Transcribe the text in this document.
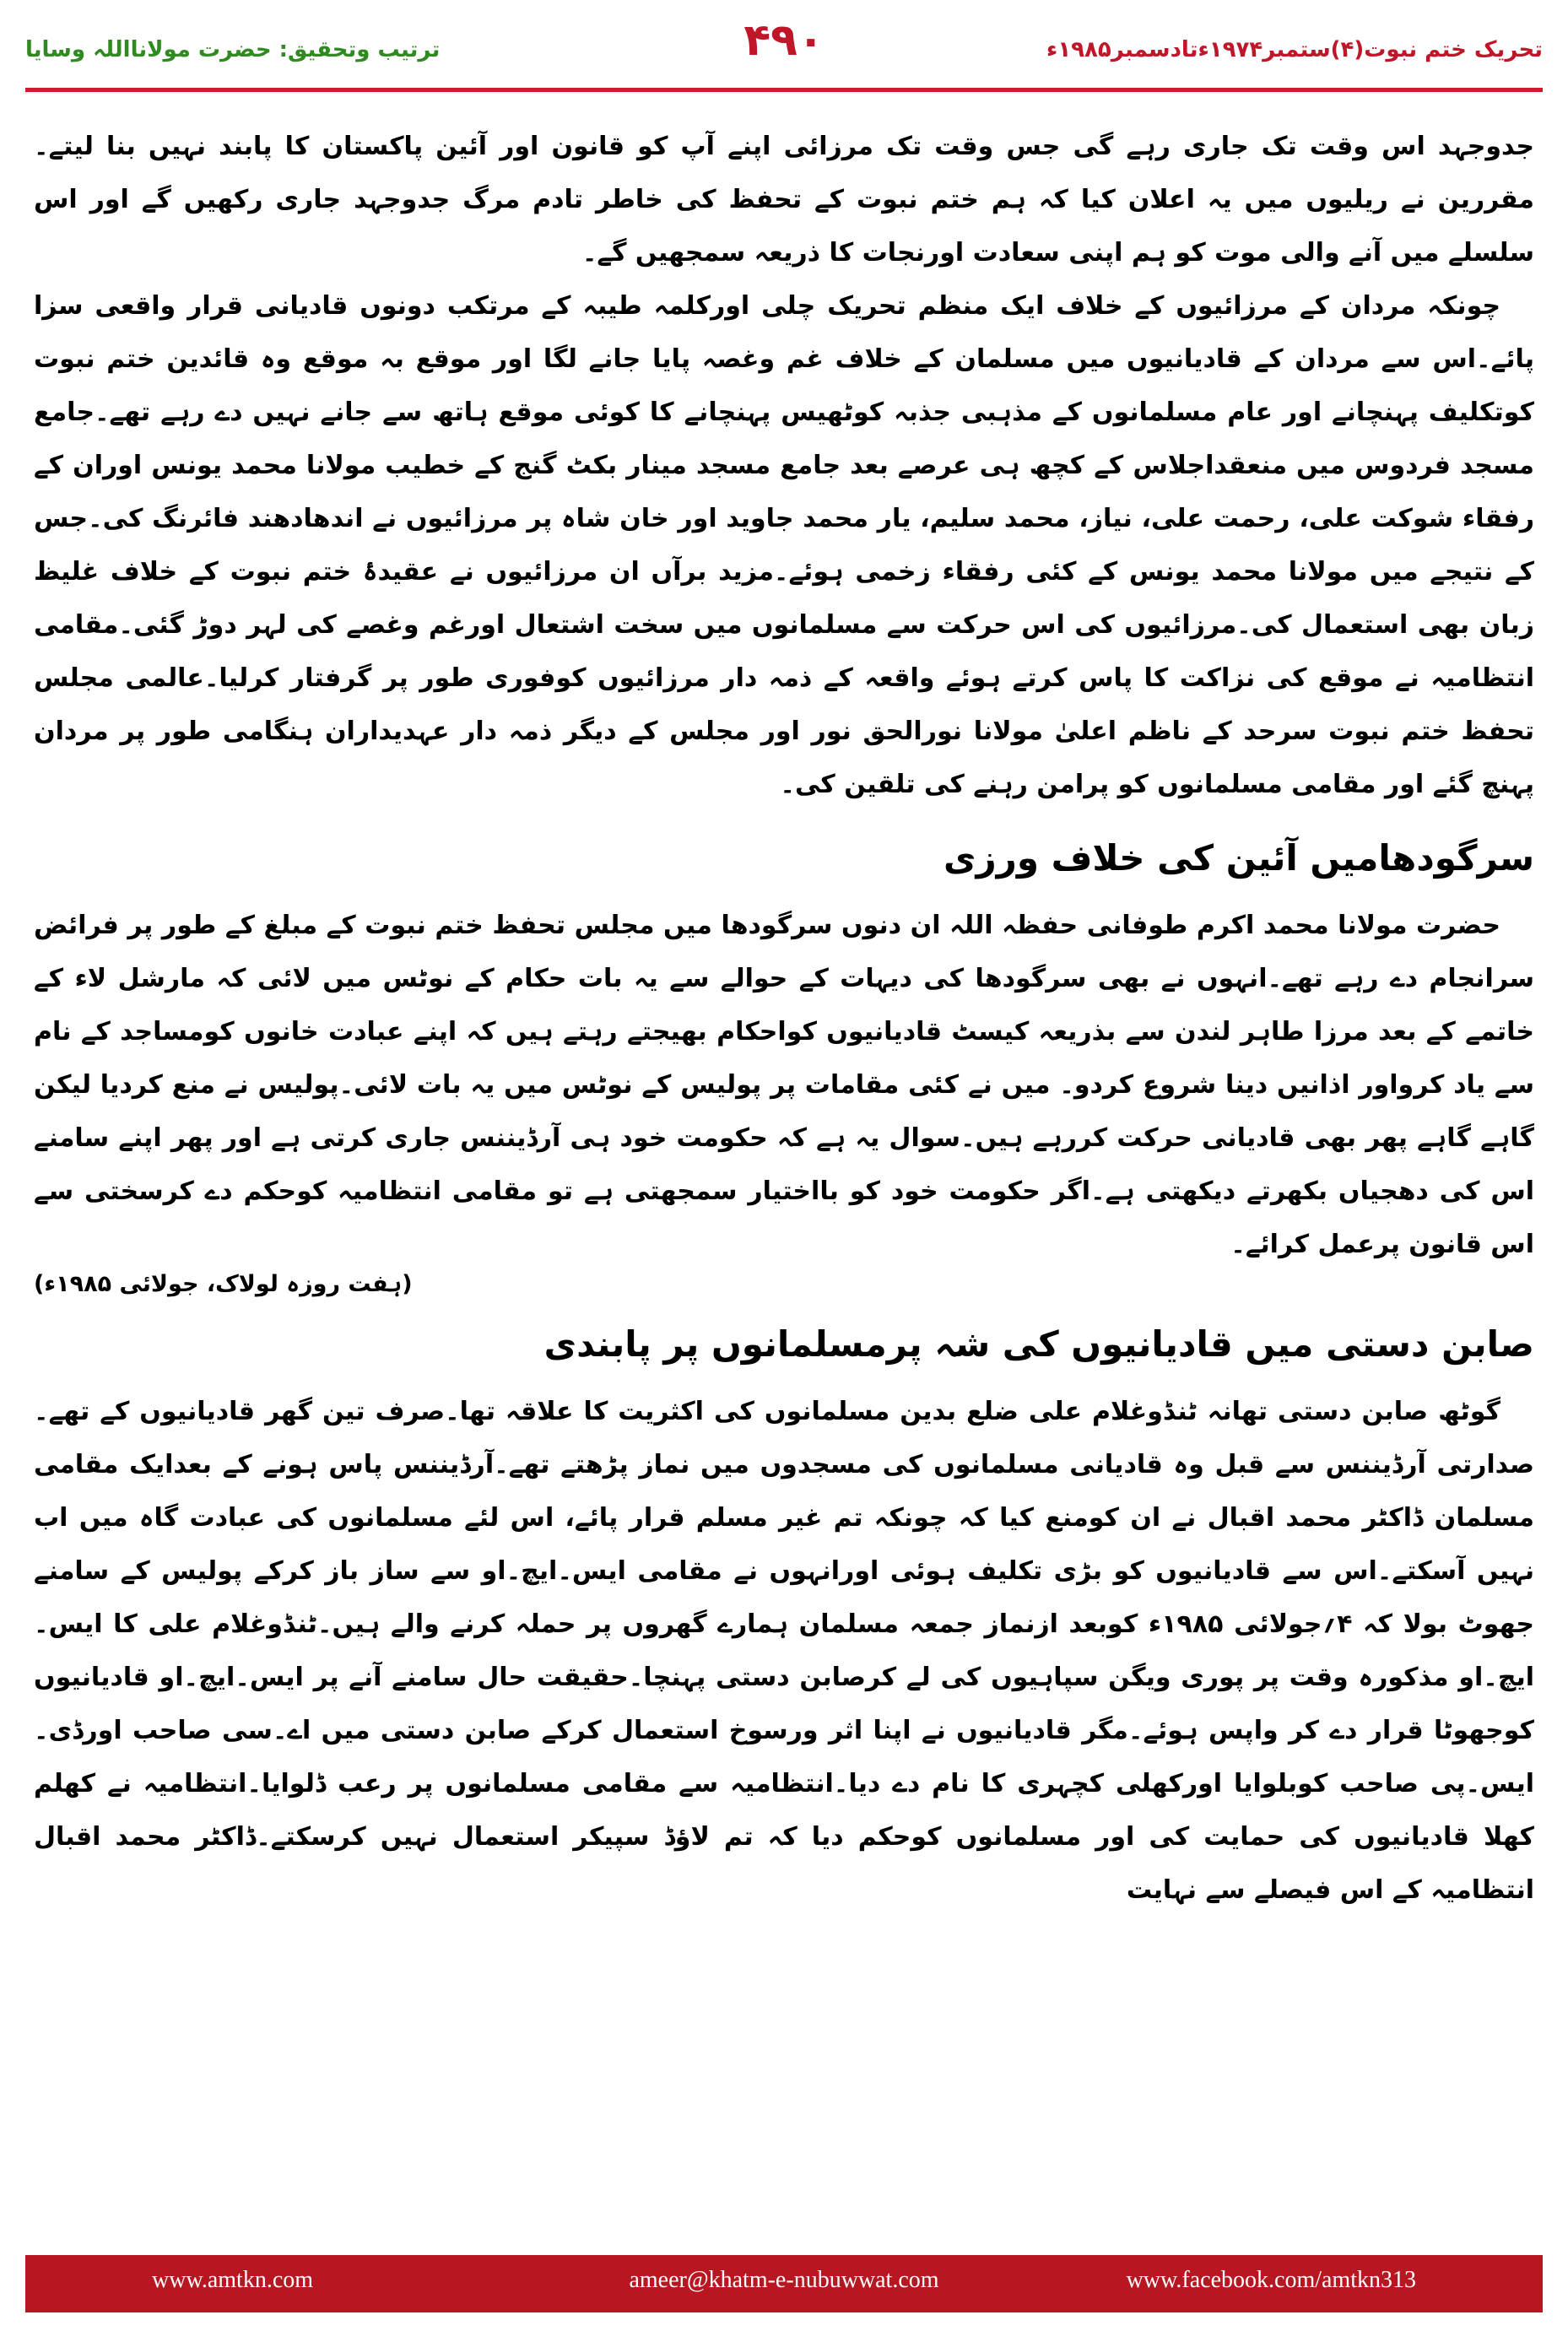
ترتیب وتحقیق: حضرت مولانااللہ وسایا	۴۹۰	تحریک ختم نبوت(۴)ستمبر۱۹۷۴ءتادسمبر۱۹۸۵ء

جدوجہد اس وقت تک جاری رہے گی جس وقت تک مرزائی اپنے آپ کو قانون اور آئین پاکستان کا پابند نہیں بنا لیتے۔مقررین نے ریلیوں میں یہ اعلان کیا کہ ہم ختم نبوت کے تحفظ کی خاطر تادم مرگ جدوجہد جاری رکھیں گے اور اس سلسلے میں آنے والی موت کو ہم اپنی سعادت اورنجات کا ذریعہ سمجھیں گے۔

چونکہ مردان کے مرزائیوں کے خلاف ایک منظم تحریک چلی اورکلمہ طیبہ کے مرتکب دونوں قادیانی قرار واقعی سزا پائے۔اس سے مردان کے قادیانیوں میں مسلمان کے خلاف غم وغصہ پایا جانے لگا اور موقع بہ موقع وہ قائدین ختم نبوت کوتکلیف پہنچانے اور عام مسلمانوں کے مذہبی جذبہ کوٹھیس پہنچانے کا کوئی موقع ہاتھ سے جانے نہیں دے رہے تھے۔جامع مسجد فردوس میں منعقداجلاس کے کچھ ہی عرصے بعد جامع مسجد مینار بکٹ گنج کے خطیب مولانا محمد یونس اوران کے رفقاء شوکت علی، رحمت علی، نیاز، محمد سلیم، یار محمد جاوید اور خان شاہ پر مرزائیوں نے اندھادھند فائرنگ کی۔جس کے نتیجے میں مولانا محمد یونس کے کئی رفقاء زخمی ہوئے۔مزید برآں ان مرزائیوں نے عقیدۂ ختم نبوت کے خلاف غلیظ زبان بھی استعمال کی۔مرزائیوں کی اس حرکت سے مسلمانوں میں سخت اشتعال اورغم وغصے کی لہر دوڑ گئی۔مقامی انتظامیہ نے موقع کی نزاکت کا پاس کرتے ہوئے واقعہ کے ذمہ دار مرزائیوں کوفوری طور پر گرفتار کرلیا۔عالمی مجلس تحفظ ختم نبوت سرحد کے ناظم اعلیٰ مولانا نورالحق نور اور مجلس کے دیگر ذمہ دار عہدیداران ہنگامی طور پر مردان پہنچ گئے اور مقامی مسلمانوں کو پرامن رہنے کی تلقین کی۔

سرگودھامیں آئین کی خلاف ورزی

حضرت مولانا محمد اکرم طوفانی حفظہ اللہ ان دنوں سرگودھا میں مجلس تحفظ ختم نبوت کے مبلغ کے طور پر فرائض سرانجام دے رہے تھے۔انہوں نے بھی سرگودھا کی دیہات کے حوالے سے یہ بات حکام کے نوٹس میں لائی کہ مارشل لاء کے خاتمے کے بعد مرزا طاہر لندن سے بذریعہ کیسٹ قادیانیوں کواحکام بھیجتے رہتے ہیں کہ اپنے عبادت خانوں کومساجد کے نام سے یاد کرواور اذانیں دینا شروع کردو۔ میں نے کئی مقامات پر پولیس کے نوٹس میں یہ بات لائی۔پولیس نے منع کردیا لیکن گاہے گاہے پھر بھی قادیانی حرکت کررہے ہیں۔سوال یہ ہے کہ حکومت خود ہی آرڈیننس جاری کرتی ہے اور پھر اپنے سامنے اس کی دھجیاں بکھرتے دیکھتی ہے۔اگر حکومت خود کو بااختیار سمجھتی ہے تو مقامی انتظامیہ کوحکم دے کرسختی سے اس قانون پرعمل کرائے۔

(ہفت روزہ لولاک، جولائی ۱۹۸۵ء)
صابن دستی میں قادیانیوں کی شہ پرمسلمانوں پر پابندی

گوٹھ صابن دستی تھانہ ٹنڈوغلام علی ضلع بدین مسلمانوں کی اکثریت کا علاقہ تھا۔صرف تین گھر قادیانیوں کے تھے۔صدارتی آرڈیننس سے قبل وہ قادیانی مسلمانوں کی مسجدوں میں نماز پڑھتے تھے۔آرڈیننس پاس ہونے کے بعدایک مقامی مسلمان ڈاکٹر محمد اقبال نے ان کومنع کیا کہ چونکہ تم غیر مسلم قرار پائے، اس لئے مسلمانوں کی عبادت گاہ میں اب نہیں آسکتے۔اس سے قادیانیوں کو بڑی تکلیف ہوئی اورانہوں نے مقامی ایس۔ایچ۔او سے ساز باز کرکے پولیس کے سامنے جھوٹ بولا کہ ۴؍جولائی ۱۹۸۵ء کوبعد ازنماز جمعہ مسلمان ہمارے گھروں پر حملہ کرنے والے ہیں۔ٹنڈوغلام علی کا ایس۔ایچ۔او مذکورہ وقت پر پوری ویگن سپاہیوں کی لے کرصابن دستی پہنچا۔حقیقت حال سامنے آنے پر ایس۔ایچ۔او قادیانیوں کوجھوٹا قرار دے کر واپس ہوئے۔مگر قادیانیوں نے اپنا اثر ورسوخ استعمال کرکے صابن دستی میں اے۔سی صاحب اورڈی۔ایس۔پی صاحب کوبلوایا اورکھلی کچہری کا نام دے دیا۔انتظامیہ سے مقامی مسلمانوں پر رعب ڈلوایا۔انتظامیہ نے کھلم کھلا قادیانیوں کی حمایت کی اور مسلمانوں کوحکم دیا کہ تم لاؤڈ سپیکر استعمال نہیں کرسکتے۔ڈاکٹر محمد اقبال انتظامیہ کے اس فیصلے سے نہایت

www.amtkn.com	ameer@khatm-e-nubuwwat.com	www.facebook.com/amtkn313
